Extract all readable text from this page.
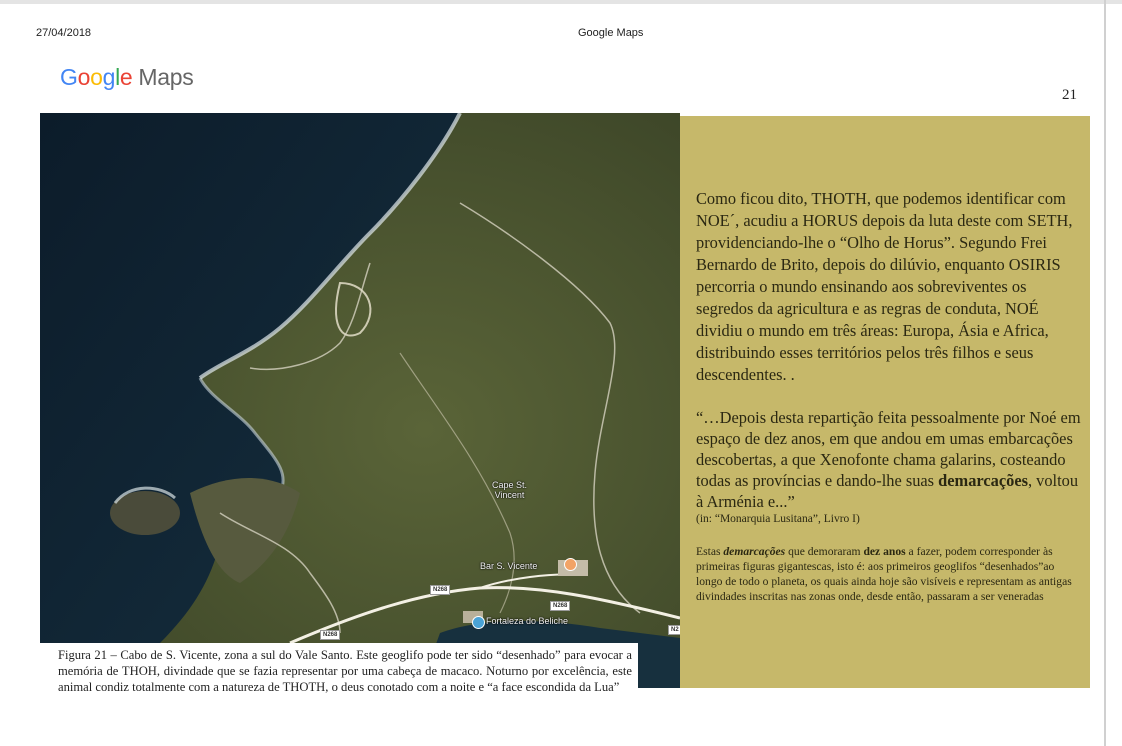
27/04/2018	Google Maps
Google Maps
21
Cape St.
Vincent
Bar S. Vicente
Fortaleza do Beliche
N268
N268
N268
N2
Figura 21 – Cabo de S. Vicente, zona a sul do Vale Santo. Este geoglifo pode ter sido “desenhado” para evocar a memória de THOH, divindade que se fazia representar por uma cabeça de macaco. Noturno por excelência, este animal condiz totalmente com a natureza de THOTH, o deus conotado com a noite e “a face escondida da Lua”

Como ficou dito, THOTH, que podemos identificar com NOE´, acudiu a HORUS depois da luta deste com SETH, providenciando-lhe o “Olho de Horus”. Segundo Frei Bernardo de Brito, depois do dilúvio, enquanto OSIRIS percorria o mundo ensinando aos sobreviventes os segredos da agricultura e as regras de conduta, NOÉ dividiu o mundo em três áreas: Europa, Ásia e Africa, distribuindo esses territórios pelos três filhos e seus descendentes. .

“…Depois desta repartição feita pessoalmente por Noé em espaço de dez anos, em que andou em umas embarcações descobertas, a que Xenofonte chama galarins, costeando todas as províncias e dando-lhe suas demarcações, voltou à Arménia e...”

(in: “Monarquia Lusitana”, Livro I)

Estas demarcações que demoraram dez anos a fazer, podem corresponder às primeiras figuras gigantescas, isto é: aos primeiros geoglifos “desenhados”ao longo de todo o planeta, os quais ainda hoje são visíveis e representam as antigas divindades inscritas nas zonas onde, desde então, passaram a ser veneradas
